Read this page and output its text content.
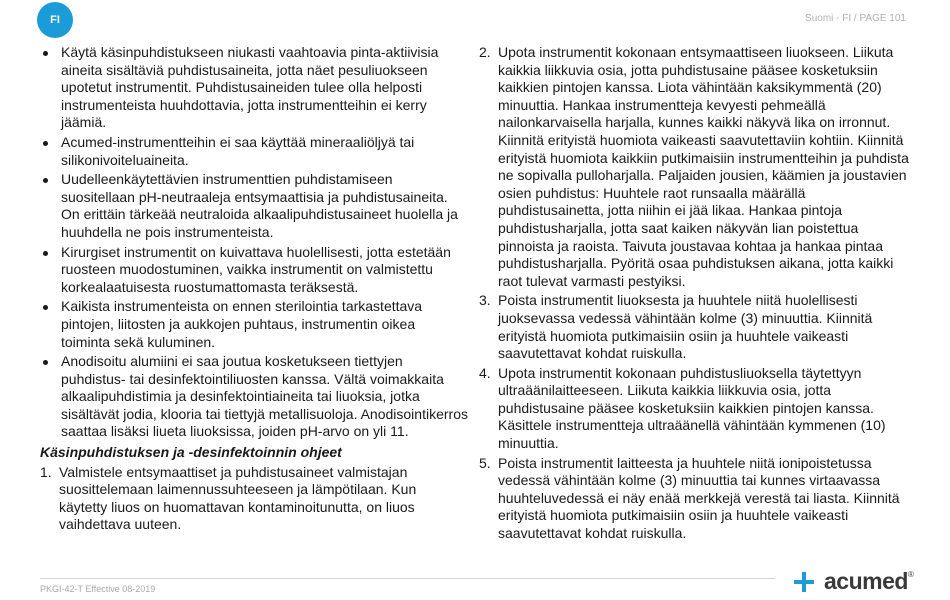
FI	Suomi - FI / PAGE 101
Käytä käsinpuhdistukseen niukasti vaahtoavia pinta-aktiivisia aineita sisältäviä puhdistusaineita, jotta näet pesuliuokseen upotetut instrumentit. Puhdistusaineiden tulee olla helposti instrumenteista huuhdottavia, jotta instrumentteihin ei kerry jäämiä.
Acumed-instrumentteihin ei saa käyttää mineraaliöljyä tai silikonivoiteluaineita.
Uudelleenkäytettävien instrumenttien puhdistamiseen suositellaan pH-neutraaleja entsymaattisia ja puhdistusaineita. On erittäin tärkeää neutraloida alkaalipuhdistusaineet huolella ja huuhdella ne pois instrumenteista.
Kirurgiset instrumentit on kuivattava huolellisesti, jotta estetään ruosteen muodostuminen, vaikka instrumentit on valmistettu korkealaatuisesta ruostumattomasta teräksestä.
Kaikista instrumenteista on ennen sterilointia tarkastettava pintojen, liitosten ja aukkojen puhtaus, instrumentin oikea toiminta sekä kuluminen.
Anodisoitu alumiini ei saa joutua kosketukseen tiettyjen puhdistus- tai desinfektointiliuosten kanssa. Vältä voimakkaita alkaalipuhdistimia ja desinfektointiaineita tai liuoksia, jotka sisältävät jodia, klooria tai tiettyjä metallisuoloja. Anodisointikerros saattaa lisäksi liueta liuoksissa, joiden pH-arvo on yli 11.
Käsinpuhdistuksen ja -desinfektoinnin ohjeet
1. Valmistele entsymaattiset ja puhdistusaineet valmistajan suosittelemaan laimennussuhteeseen ja lämpötilaan. Kun käytetty liuos on huomattavan kontaminoitunutta, on liuos vaihdettava uuteen.
2. Upota instrumentit kokonaan entsymaattiseen liuokseen. Liikuta kaikkia liikkuvia osia, jotta puhdistusaine pääsee kosketuksiin kaikkien pintojen kanssa. Liota vähintään kaksikymmentä (20) minuuttia. Hankaa instrumentteja kevyesti pehmeällä nailonkarvaisella harjalla, kunnes kaikki näkyvä lika on irronnut. Kiinnitä erityistä huomiota vaikeasti saavutettaviin kohtiin. Kiinnitä erityistä huomiota kaikkiin putkimaisiin instrumentteihin ja puhdista ne sopivalla pulloharjalla. Paljaiden jousien, käämien ja joustavien osien puhdistus: Huuhtele raot runsaalla määrällä puhdistusainetta, jotta niihin ei jää likaa. Hankaa pintoja puhdistusharjalla, jotta saat kaiken näkyvän lian poistettua pinnoista ja raoista. Taivuta joustavaa kohtaa ja hankaa pintaa puhdistusharjalla. Pyöritä osaa puhdistuksen aikana, jotta kaikki raot tulevat varmasti pestyiksi.
3. Poista instrumentit liuoksesta ja huuhtele niitä huolellisesti juoksevassa vedessä vähintään kolme (3) minuuttia. Kiinnitä erityistä huomiota putkimaisiin osiin ja huuhtele vaikeasti saavutettavat kohdat ruiskulla.
4. Upota instrumentit kokonaan puhdistusliuoksella täytettyyn ultraäänilaitteeseen. Liikuta kaikkia liikkuvia osia, jotta puhdistusaine pääsee kosketuksiin kaikkien pintojen kanssa. Käsittele instrumentteja ultraäänellä vähintään kymmenen (10) minuuttia.
5. Poista instrumentit laitteesta ja huuhtele niitä ionipoistetussa vedessä vähintään kolme (3) minuuttia tai kunnes virtaavassa huuhteluvedessä ei näy enää merkkejä verestä tai liasta. Kiinnitä erityistä huomiota putkimaisiin osiin ja huuhtele vaikeasti saavutettavat kohdat ruiskulla.
PKGI-42-T Effective 08-2019	acumed ®
